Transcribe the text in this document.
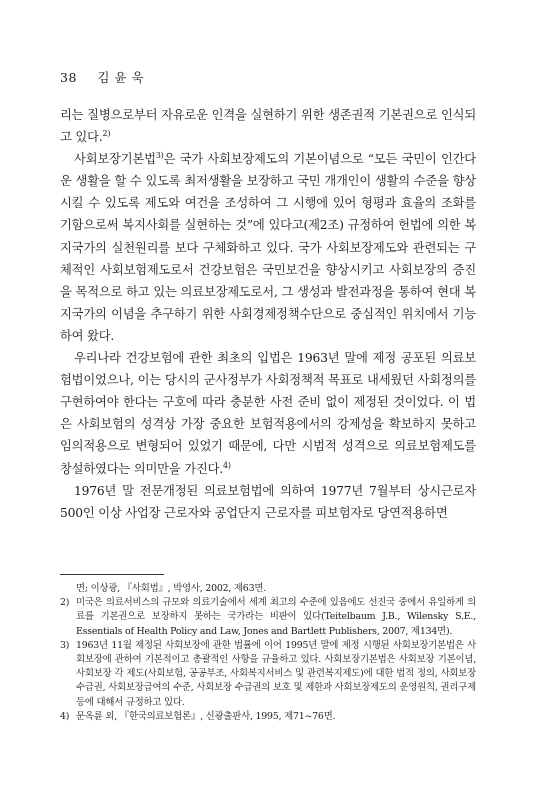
38 김 윤 욱

리는 질병으로부터 자유로운 인격을 실현하기 위한 생존권적 기본권으로 인식되고 있다.$^{2)}$

사회보장기본법$^{3)}$은 국가 사회보장제도의 기본이념으로 “모든 국민이 인간다운 생활을 할 수 있도록 최저생활을 보장하고 국민 개개인이 생활의 수준을 향상시킬 수 있도록 제도와 여건을 조성하여 그 시행에 있어 형평과 효율의 조화를 기함으로써 복지사회를 실현하는 것”에 있다고(제2조) 규정하여 헌법에 의한 복지국가의 실천원리를 보다 구체화하고 있다. 국가 사회보장제도와 관련되는 구체적인 사회보험제도로서 건강보험은 국민보건을 향상시키고 사회보장의 증진을 목적으로 하고 있는 의료보장제도로서, 그 생성과 발전과정을 통하여 현대 복지국가의 이념을 추구하기 위한 사회경제정책수단으로 중심적인 위치에서 기능하여 왔다.

우리나라 건강보험에 관한 최초의 입법은 1963년 말에 제정 공포된 의료보험법이었으나, 이는 당시의 군사정부가 사회정책적 목표로 내세웠던 사회정의를 구현하여야 한다는 구호에 따라 충분한 사전 준비 없이 제정된 것이었다. 이 법은 사회보험의 성격상 가장 중요한 보험적용에서의 강제성을 확보하지 못하고 임의적용으로 변형되어 있었기 때문에, 다만 시범적 성격으로 의료보험제도를 창설하였다는 의미만을 가진다.$^{4)}$

1976년 말 전문개정된 의료보험법에 의하여 1977년 7월부터 상시근로자 500인 이상 사업장 근로자와 공업단지 근로자를 피보험자로 당연적용하면

면; 이상광, 『사회법』, 박영사, 2002, 제63면.
2) 미국은 의료서비스의 규모와 의료기술에서 세계 최고의 수준에 있음에도 선진국 중에서 유일하게 의료를 기본권으로 보장하지 못하는 국가라는 비판이 있다(Teitelbaum J.B., Wilensky S.E., Essentials of Health Policy and Law, Jones and Bartlett Publishers, 2007, 제134면).
3) 1963년 11월 제정된 사회보장에 관한 법률에 이어 1995년 말에 제정 시행된 사회보장기본법은 사회보장에 관하여 기본적이고 총괄적인 사항을 규율하고 있다. 사회보장기본법은 사회보장 기본이념, 사회보장 각 제도(사회보험, 공공부조, 사회복지서비스 및 관련복지제도)에 대한 법적 정의, 사회보장 수급권, 사회보장급여의 수준, 사회보장 수급권의 보호 및 제한과 사회보장제도의 운영원칙, 권리구제 등에 대해서 규정하고 있다.
4) 문옥륜 외, 『한국의료보험론』, 신광출판사, 1995, 제71~76면.
